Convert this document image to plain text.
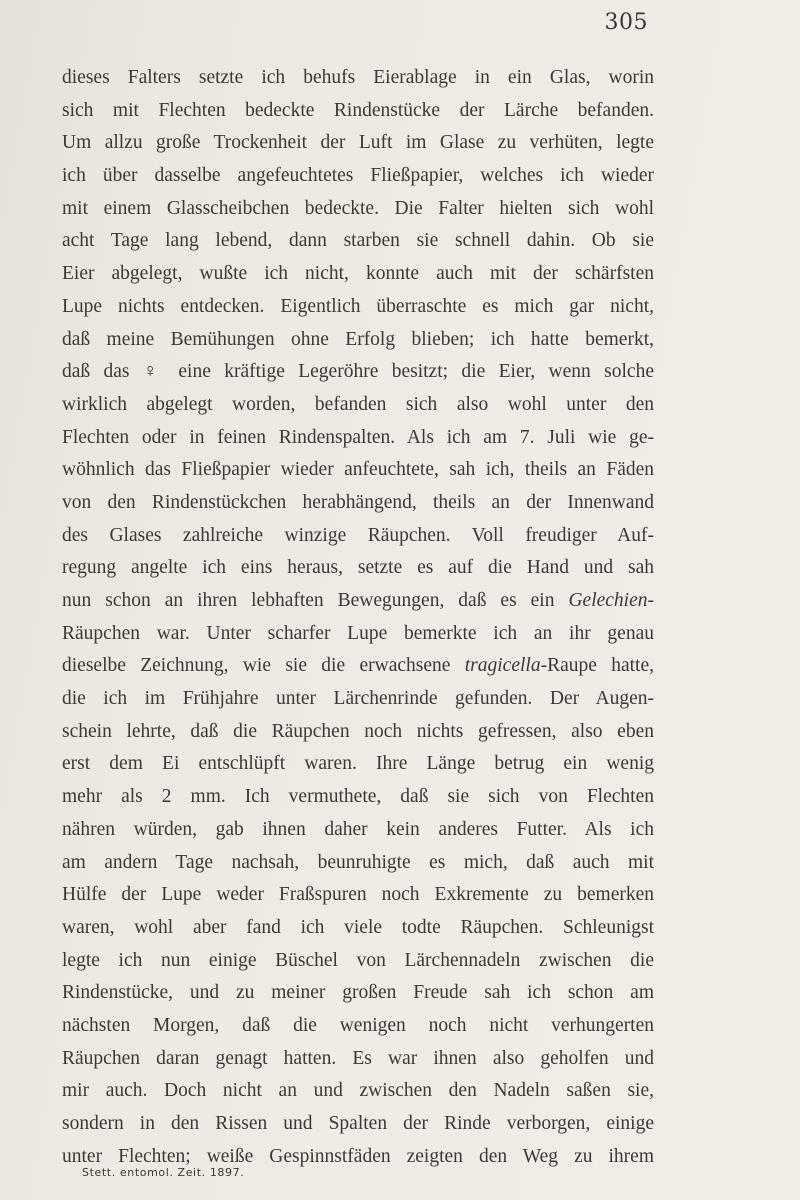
305
dieses Falters setzte ich behufs Eierablage in ein Glas, worin
sich mit Flechten bedeckte Rindenstücke der Lärche befanden.
Um allzu große Trockenheit der Luft im Glase zu verhüten, legte
ich über dasselbe angefeuchtetes Fließpapier, welches ich wieder
mit einem Glasscheibchen bedeckte. Die Falter hielten sich wohl
acht Tage lang lebend, dann starben sie schnell dahin. Ob sie
Eier abgelegt, wußte ich nicht, konnte auch mit der schärfsten
Lupe nichts entdecken. Eigentlich überraschte es mich gar nicht,
daß meine Bemühungen ohne Erfolg blieben; ich hatte bemerkt,
daß das ♀ eine kräftige Legeröhre besitzt; die Eier, wenn solche
wirklich abgelegt worden, befanden sich also wohl unter den
Flechten oder in feinen Rindenspalten. Als ich am 7. Juli wie ge-
wöhnlich das Fließpapier wieder anfeuchtete, sah ich, theils an Fäden
von den Rindenstückchen herabhängend, theils an der Innenwand
des Glases zahlreiche winzige Räupchen. Voll freudiger Auf-
regung angelte ich eins heraus, setzte es auf die Hand und sah
nun schon an ihren lebhaften Bewegungen, daß es ein Gelechien-
Räupchen war. Unter scharfer Lupe bemerkte ich an ihr genau
dieselbe Zeichnung, wie sie die erwachsene tragicella-Raupe hatte,
die ich im Frühjahre unter Lärchenrinde gefunden. Der Augen-
schein lehrte, daß die Räupchen noch nichts gefressen, also eben
erst dem Ei entschlüpft waren. Ihre Länge betrug ein wenig
mehr als 2 mm. Ich vermuthete, daß sie sich von Flechten
nähren würden, gab ihnen daher kein anderes Futter. Als ich
am andern Tage nachsah, beunruhigte es mich, daß auch mit
Hülfe der Lupe weder Fraßspuren noch Exkremente zu bemerken
waren, wohl aber fand ich viele todte Räupchen. Schleunigst
legte ich nun einige Büschel von Lärchennadeln zwischen die
Rindenstücke, und zu meiner großen Freude sah ich schon am
nächsten Morgen, daß die wenigen noch nicht verhungerten
Räupchen daran genagt hatten. Es war ihnen also geholfen und
mir auch. Doch nicht an und zwischen den Nadeln saßen sie,
sondern in den Rissen und Spalten der Rinde verborgen, einige
unter Flechten; weiße Gespinnstfäden zeigten den Weg zu ihrem
Stett. entomol. Zeit. 1897.
